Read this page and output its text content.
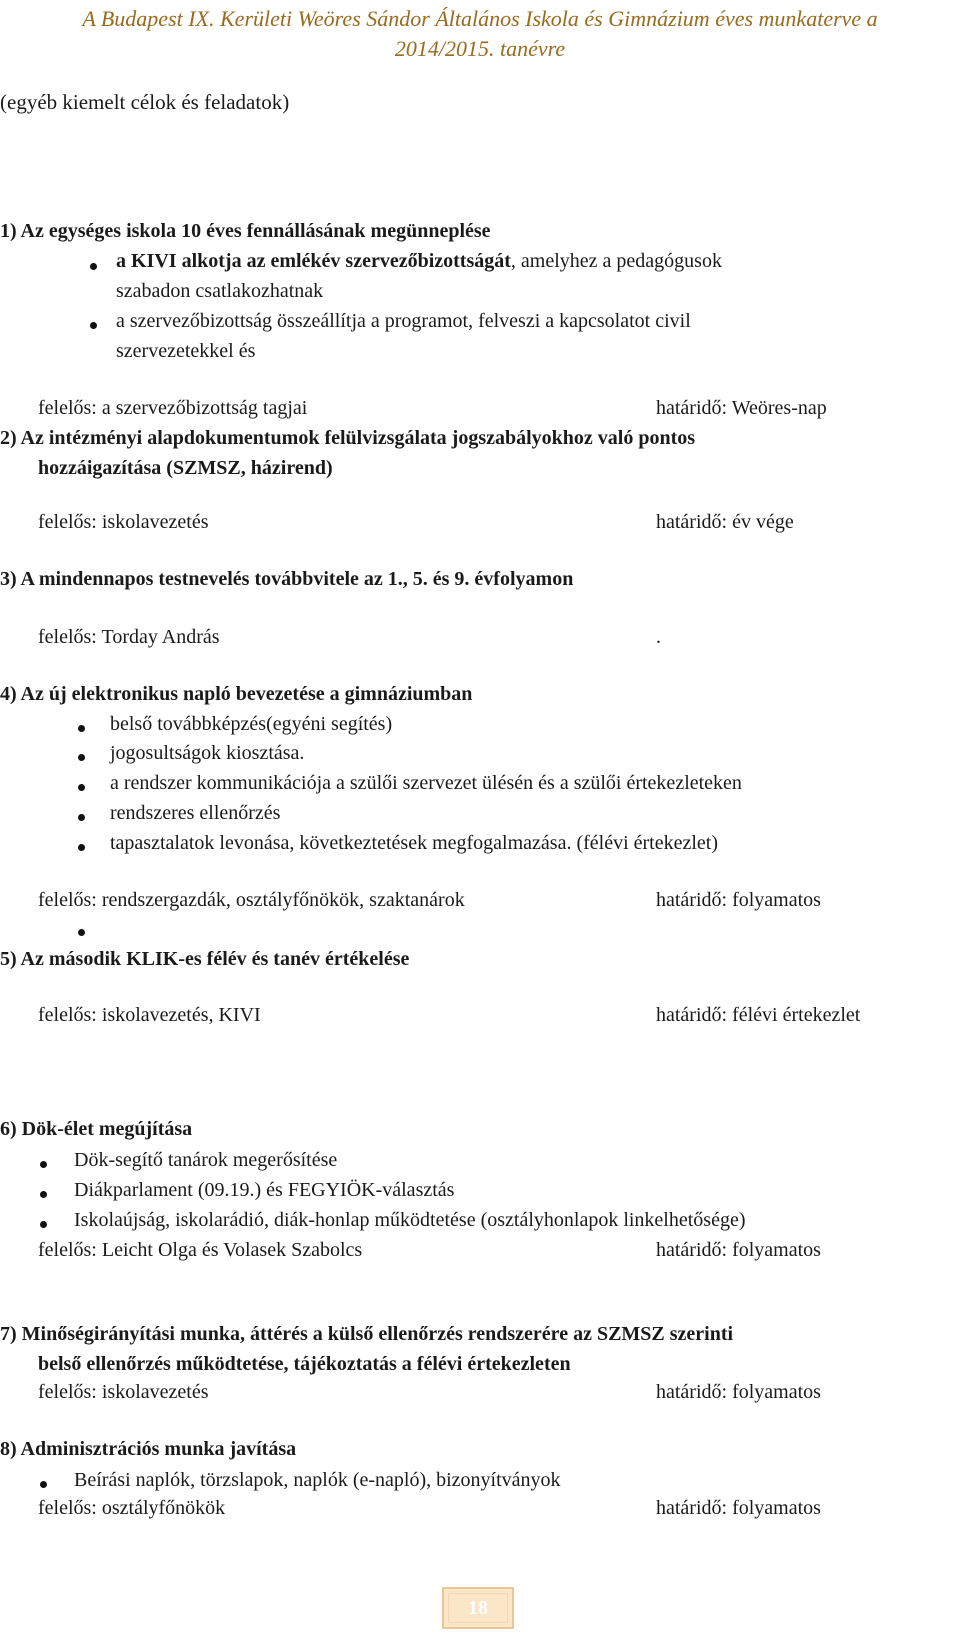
A Budapest IX. Kerületi Weöres Sándor Általános Iskola és Gimnázium éves munkaterve a
2014/2015. tanévre
(egyéb kiemelt célok és feladatok)
1) Az egységes iskola 10 éves fennállásának megünneplése
a KIVI alkotja az emlékév szervezőbizottságát, amelyhez a pedagógusok
szabadon csatlakozhatnak
a szervezőbizottság összeállítja a programot, felveszi a kapcsolatot civil
szervezetekkel és
felelős: a szervezőbizottság tagjai	határidő: Weöres-nap
2) Az intézményi alapdokumentumok felülvizsgálata jogszabályokhoz való pontos
hozzáigazítása (SZMSZ, házirend)
felelős: iskolavezetés	határidő: év vége
3) A mindennapos testnevelés továbbvitele az 1., 5. és 9. évfolyamon
felelős: Torday András	.
4) Az új elektronikus napló bevezetése a gimnáziumban
belső továbbképzés(egyéni segítés)
jogosultságok kiosztása.
a rendszer kommunikációja a szülői szervezet ülésén és a szülői értekezleteken
rendszeres ellenőrzés
tapasztalatok levonása, következtetések megfogalmazása. (félévi értekezlet)
felelős: rendszergazdák, osztályfőnökök, szaktanárok	határidő: folyamatos
5) Az második KLIK-es félév és tanév értékelése
felelős: iskolavezetés, KIVI	határidő: félévi értekezlet
6) Dök-élet megújítása
Dök-segítő tanárok megerősítése
Diákparlament (09.19.) és FEGYIÖK-választás
Iskolaújság, iskolarádió, diák-honlap működtetése (osztályhonlapok linkelhetősége)
felelős: Leicht Olga és Volasek Szabolcs	határidő: folyamatos
7) Minőségirányítási munka, áttérés a külső ellenőrzés rendszerére az SZMSZ szerinti
belső ellenőrzés működtetése, tájékoztatás a félévi értekezleten
felelős: iskolavezetés	határidő: folyamatos
8) Adminisztrációs munka javítása
Beírási naplók, törzslapok, naplók (e-napló), bizonyítványok
felelős: osztályfőnökök	határidő: folyamatos
18
